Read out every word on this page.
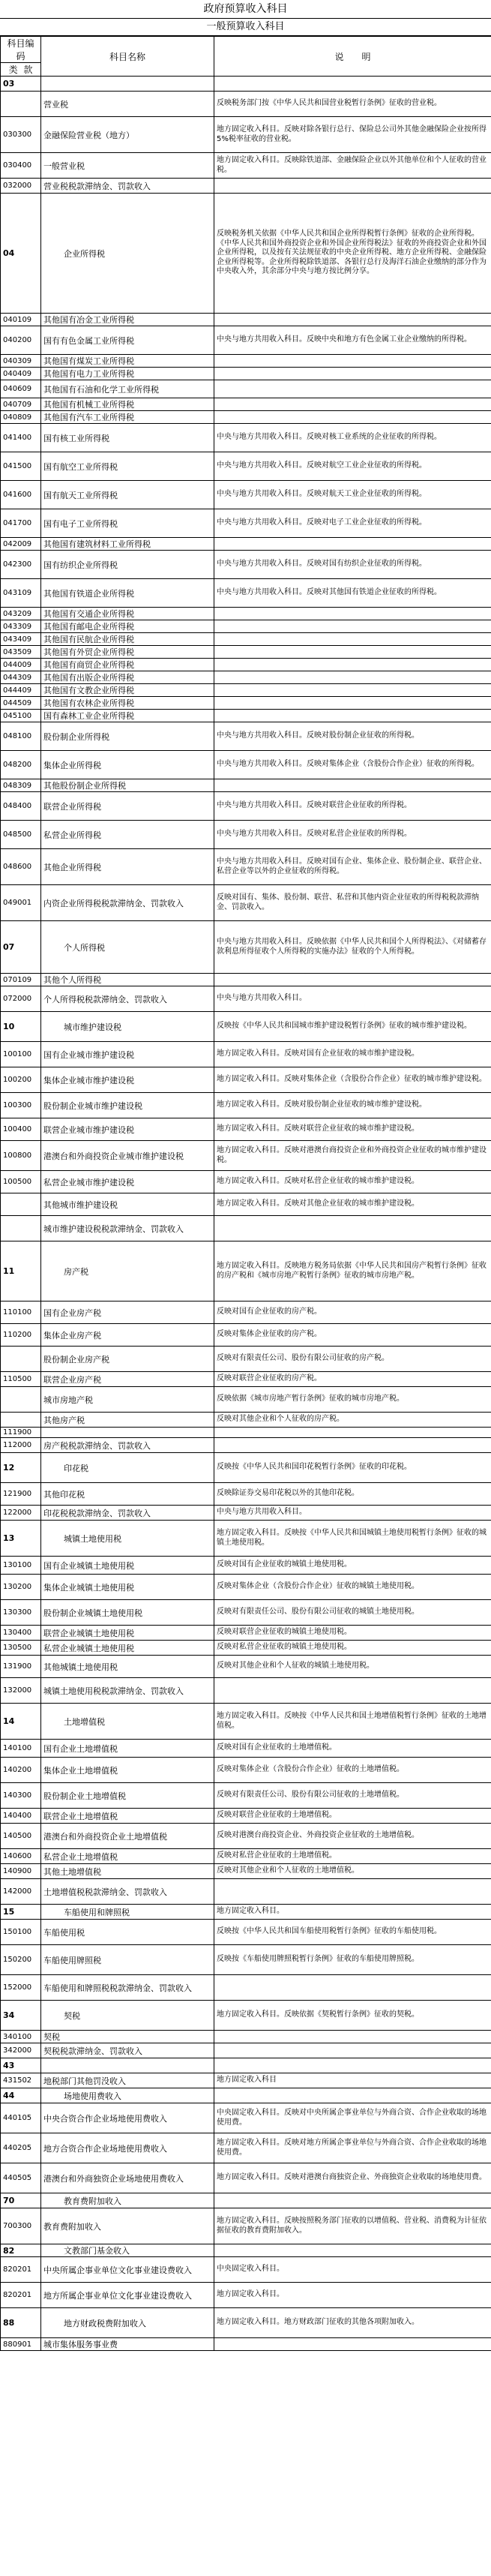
政府预算收入科目
一般预算收入科目
科目编码	科目名称	说　　明
类 款		
03		
	营业税	反映税务部门按《中华人民共和国营业税暂行条例》征收的营业税。
030300	金融保险营业税（地方）	地方固定收入科目。反映对除各银行总行、保险总公司外其他金融保险企业按所得5%税率征收的营业税。
030400	一般营业税	地方固定收入科目。反映除铁道部、金融保险企业以外其他单位和个人征收的营业税。
032000	营业税税款滞纳金、罚款收入	
04	企业所得税	反映税务机关依据《中华人民共和国企业所得税暂行条例》征收的企业所得税。《中华人民共和国外商投资企业和外国企业所得税法》征收的外商投资企业和外国企业所得税，以及按有关法规征收的中央企业所得税、地方企业所得税、金融保险企业所得税等。企业所得税除铁道部、各银行总行及海洋石油企业缴纳的部分作为中央收入外，其余部分中央与地方按比例分享。
040109	其他国有冶金工业所得税	
040200	国有有色金属工业所得税	中央与地方共用收入科目。反映中央和地方有色金属工业企业缴纳的所得税。
040309	其他国有煤炭工业所得税	
040409	其他国有电力工业所得税	
040609	其他国有石油和化学工业所得税	
040709	其他国有机械工业所得税	
040809	其他国有汽车工业所得税	
041400	国有核工业所得税	中央与地方共用收入科目。反映对核工业系统的企业征收的所得税。
041500	国有航空工业所得税	中央与地方共用收入科目。反映对航空工业企业征收的所得税。
041600	国有航天工业所得税	中央与地方共用收入科目。反映对航天工业企业征收的所得税。
041700	国有电子工业所得税	中央与地方共用收入科目。反映对电子工业企业征收的所得税。
042009	其他国有建筑材料工业所得税	
042300	国有纺织企业所得税	中央与地方共用收入科目。反映对国有纺织企业征收的所得税。
043109	其他国有铁道企业所得税	中央与地方共用收入科目。反映对其他国有铁道企业征收的所得税。
043209	其他国有交通企业所得税	
043309	其他国有邮电企业所得税	
043409	其他国有民航企业所得税	
043509	其他国有外贸企业所得税	
044009	其他国有商贸企业所得税	
044309	其他国有出版企业所得税	
044409	其他国有文教企业所得税	
044509	其他国有农林企业所得税	
045100	国有森林工业企业所得税	
048100	股份制企业所得税	中央与地方共用收入科目。反映对股份制企业征收的所得税。
048200	集体企业所得税	中央与地方共用收入科目。反映对集体企业（含股份合作企业）征收的所得税。
048309	其他股份制企业所得税	
048400	联营企业所得税	中央与地方共用收入科目。反映对联营企业征收的所得税。
048500	私营企业所得税	中央与地方共用收入科目。反映对私营企业征收的所得税。
048600	其他企业所得税	中央与地方共用收入科目。反映对国有企业、集体企业、股份制企业、联营企业、私营企业等以外的企业征收的所得税。
049001	内资企业所得税税款滞纳金、罚款收入	反映对国有、集体、股份制、联营、私营和其他内资企业征收的所得税税款滞纳金、罚款收入。
07	个人所得税	中央与地方共用收入科目。反映依据《中华人民共和国个人所得税法》、《对储蓄存款利息所得征收个人所得税的实施办法》征收的个人所得税。
070109	其他个人所得税	
072000	个人所得税税款滞纳金、罚款收入	中央与地方共用收入科目。
10	城市维护建设税	反映按《中华人民共和国城市维护建设税暂行条例》征收的城市维护建设税。
100100	国有企业城市维护建设税	地方固定收入科目。反映对国有企业征收的城市维护建设税。
100200	集体企业城市维护建设税	地方固定收入科目。反映对集体企业（含股份合作企业）征收的城市维护建设税。
100300	股份制企业城市维护建设税	地方固定收入科目。反映对股份制企业征收的城市维护建设税。
100400	联营企业城市维护建设税	地方固定收入科目。反映对联营企业征收的城市维护建设税。
100800	港澳台和外商投资企业城市维护建设税	地方固定收入科目。反映对港澳台商投资企业和外商投资企业征收的城市维护建设税。
100500	私营企业城市维护建设税	地方固定收入科目。反映对私营企业征收的城市维护建设税。
	其他城市维护建设税	地方固定收入科目。反映对其他企业征收的城市维护建设税。
	城市维护建设税税款滞纳金、罚款收入	
11	房产税	地方固定收入科目。反映地方税务局依据《中华人民共和国房产税暂行条例》征收的房产税和《城市房地产税暂行条例》征收的城市房地产税。
110100	国有企业房产税	反映对国有企业征收的房产税。
110200	集体企业房产税	反映对集体企业征收的房产税。
	股份制企业房产税	反映对有限责任公司、股份有限公司征收的房产税。
110500	联营企业房产税	反映对联营企业征收的房产税。
	城市房地产税	反映依据《城市房地产暂行条例》征收的城市房地产税。
	其他房产税	反映对其他企业和个人征收的房产税。
111900		
112000	房产税税款滞纳金、罚款收入	
12	印花税	反映按《中华人民共和国印花税暂行条例》征收的印花税。
121900	其他印花税	反映除证券交易印花税以外的其他印花税。
122000	印花税税款滞纳金、罚款收入	中央与地方共用收入科目。
13	城镇土地使用税	地方固定收入科目。反映按《中华人民共和国城镇土地使用税暂行条例》征收的城镇土地使用税。
130100	国有企业城镇土地使用税	反映对国有企业征收的城镇土地使用税。
130200	集体企业城镇土地使用税	反映对集体企业（含股份合作企业）征收的城镇土地使用税。
130300	股份制企业城镇土地使用税	反映对有限责任公司、股份有限公司征收的城镇土地使用税。
130400	联营企业城镇土地使用税	反映对联营企业征收的城镇土地使用税。
130500	私营企业城镇土地使用税	反映对私营企业征收的城镇土地使用税。
131900	其他城镇土地使用税	反映对其他企业和个人征收的城镇土地使用税。
132000	城镇土地使用税税款滞纳金、罚款收入	
14	土地增值税	地方固定收入科目。反映按《中华人民共和国土地增值税暂行条例》征收的土地增值税。
140100	国有企业土地增值税	反映对国有企业征收的土地增值税。
140200	集体企业土地增值税	反映对集体企业（含股份合作企业）征收的土地增值税。
140300	股份制企业土地增值税	反映对有限责任公司、股份有限公司征收的土地增值税。
140400	联营企业土地增值税	反映对联营企业征收的土地增值税。
140500	港澳台和外商投资企业土地增值税	反映对港澳台商投资企业、外商投资企业征收的土地增值税。
140600	私营企业土地增值税	反映对私营企业征收的土地增值税。
140900	其他土地增值税	反映对其他企业和个人征收的土地增值税。
142000	土地增值税税款滞纳金、罚款收入	
15	车船使用和牌照税	地方固定收入科目。
150100	车船使用税	反映按《中华人民共和国车船使用税暂行条例》征收的车船使用税。
150200	车船使用牌照税	反映按《车船使用牌照税暂行条例》征收的车船使用牌照税。
152000	车船使用和牌照税税款滞纳金、罚款收入	
34	契税	地方固定收入科目。反映依据《契税暂行条例》征收的契税。
340100	契税	
342000	契税税款滞纳金、罚款收入	
43		
431502	地税部门其他罚没收入	地方固定收入科目
44	场地使用费收入	
440105	中央合资合作企业场地使用费收入	中央固定收入科目。反映对中央所属企事业单位与外商合资、合作企业收取的场地使用费。
440205	地方合资合作企业场地使用费收入	地方固定收入科目。反映对地方所属企事业单位与外商合资、合作企业收取的场地使用费。
440505	港澳台和外商独资企业场地使用费收入	地方固定收入科目。反映对港澳台商独资企业、外商独资企业收取的场地使用费。
70	教育费附加收入	
700300	教育费附加收入	地方固定收入科目。反映按照税务部门征收的以增值税、营业税、消费税为计征依据征收的教育费附加收入。
82	文教部门基金收入	
820201	中央所属企事业单位文化事业建设费收入	中央固定收入科目。
820201	地方所属企事业单位文化事业建设费收入	地方固定收入科目。
88	地方财政税费附加收入	地方固定收入科目。地方财政部门征收的其他各项附加收入。
880901	城市集体服务事业费	
